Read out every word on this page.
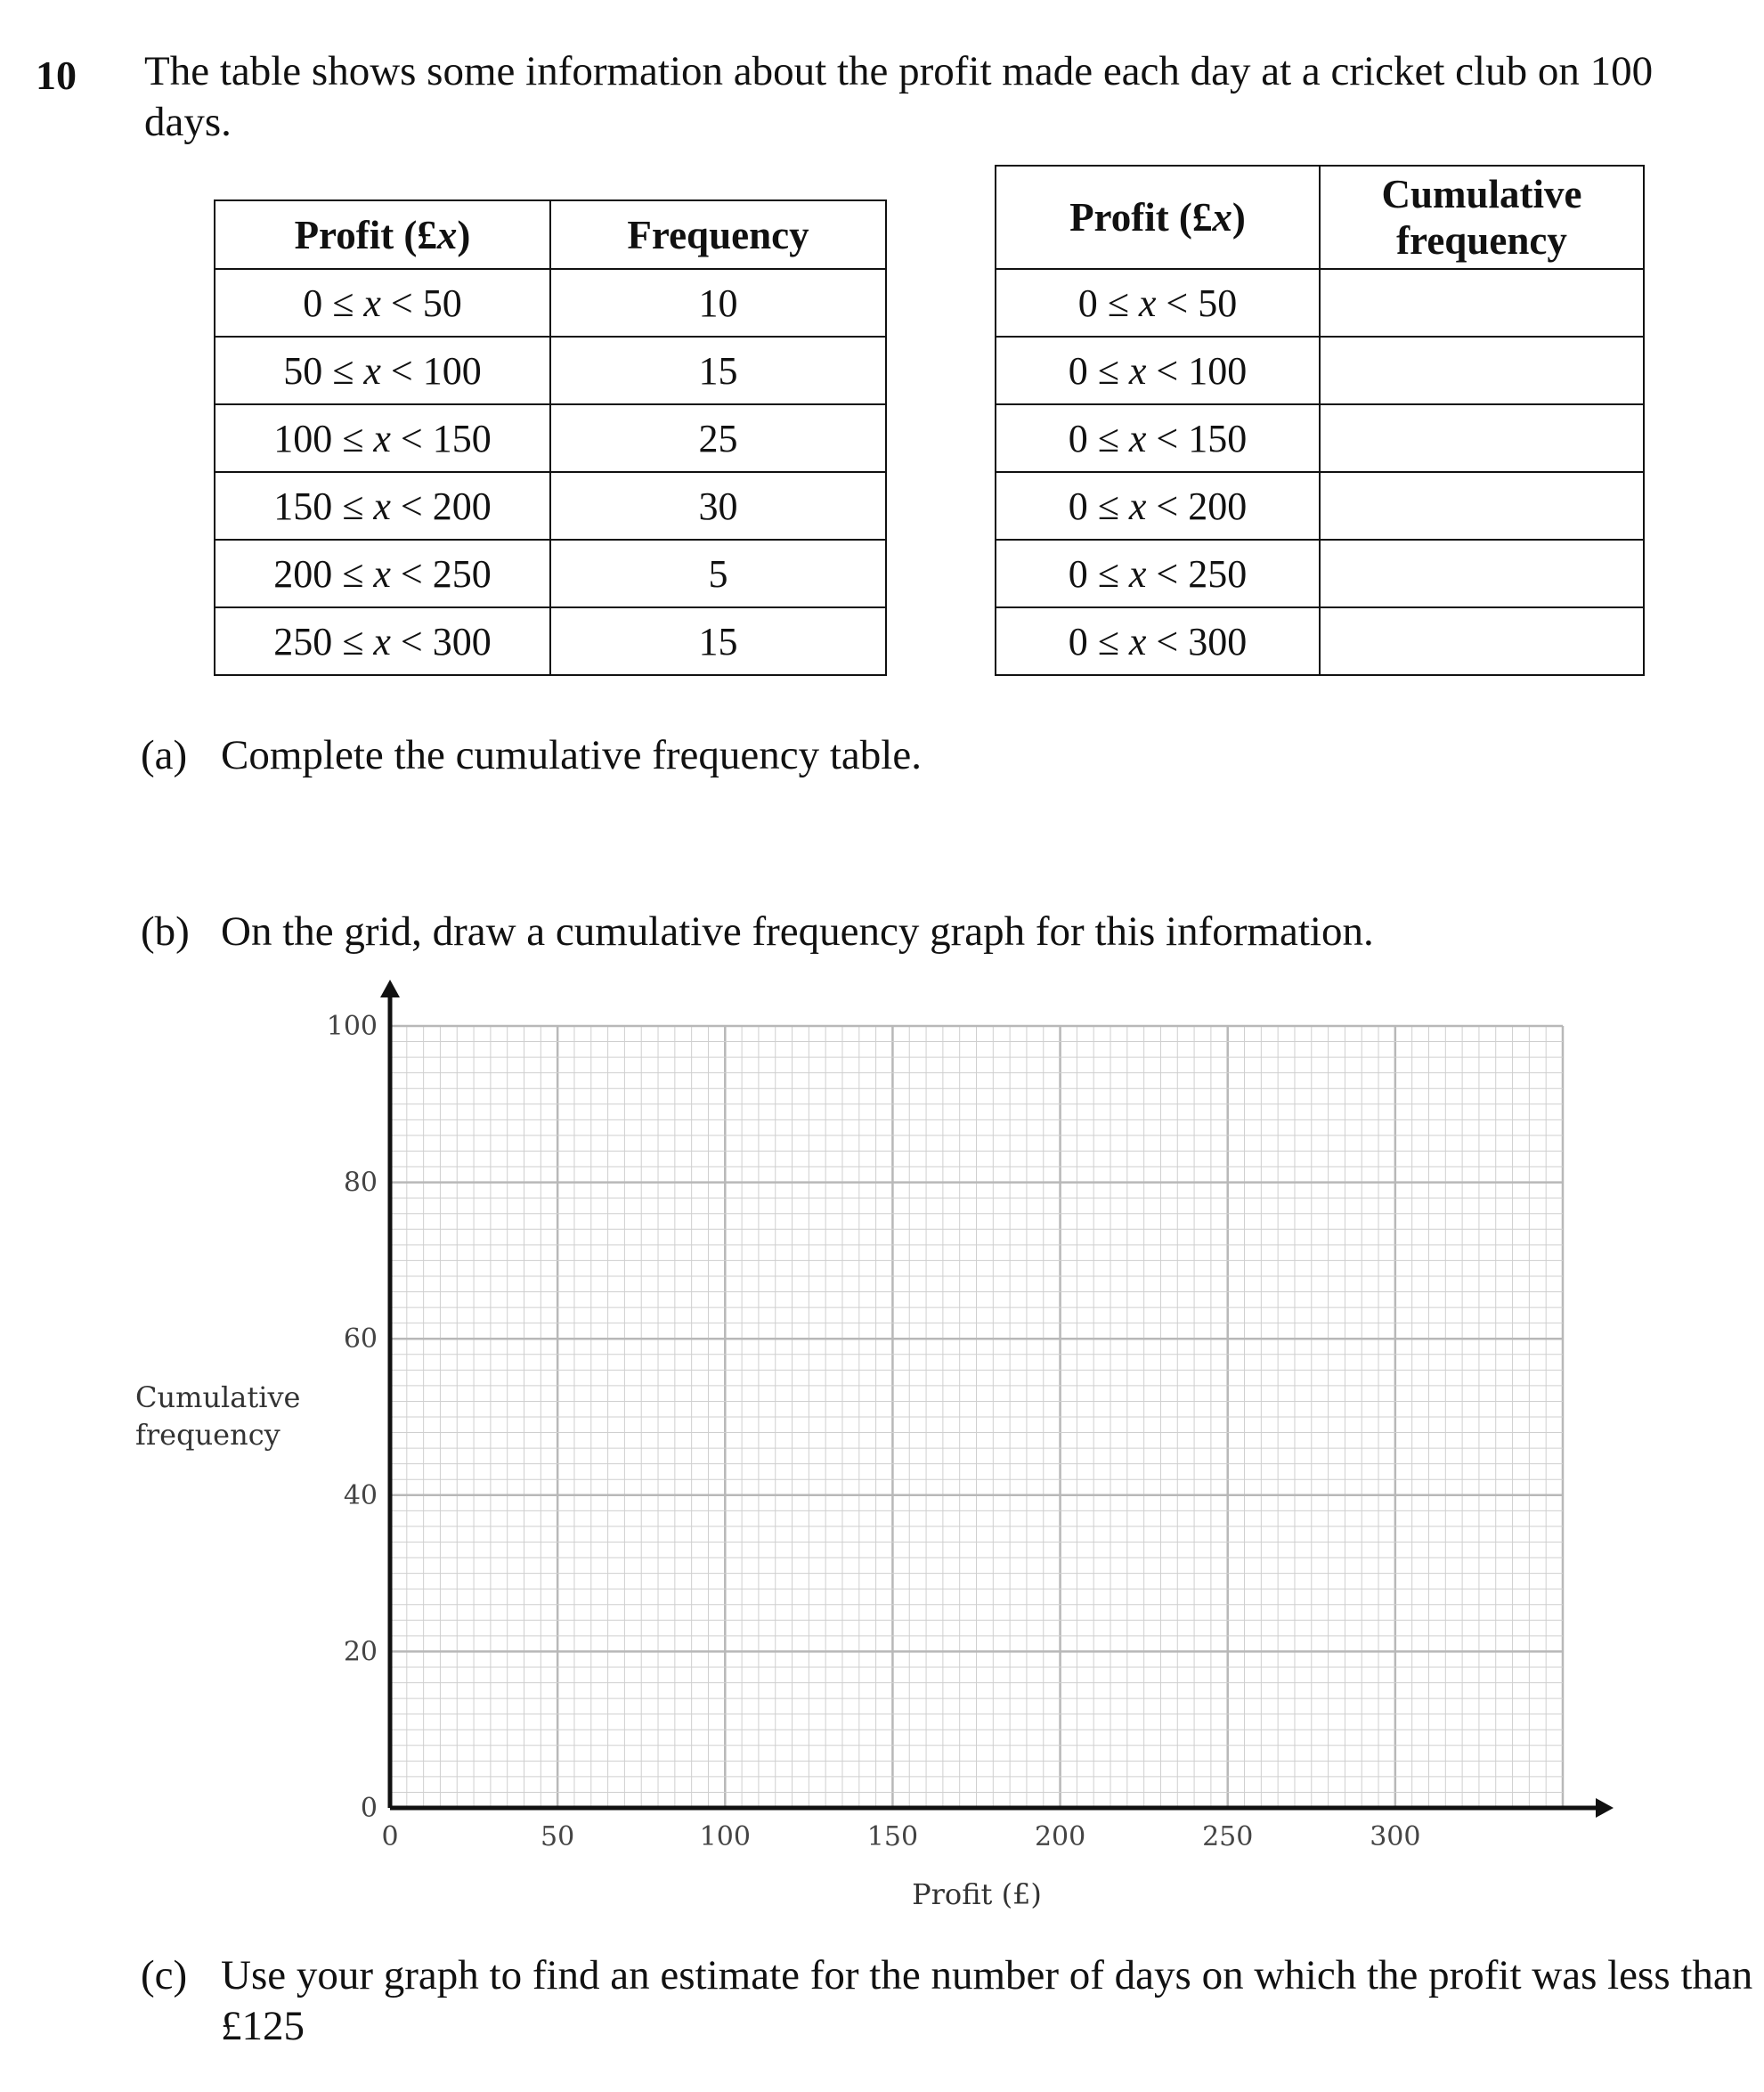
10 The table shows some information about the profit made each day at a cricket club on 100 days.
Profit (£x)	Frequency
0 ≤ x < 50	10
50 ≤ x < 100	15
100 ≤ x < 150	25
150 ≤ x < 200	30
200 ≤ x < 250	5
250 ≤ x < 300	15
Profit (£x)	Cumulative frequency
0 ≤ x < 50	
0 ≤ x < 100	
0 ≤ x < 150	
0 ≤ x < 200	
0 ≤ x < 250	
0 ≤ x < 300	
(a) Complete the cumulative frequency table.
(b) On the grid, draw a cumulative frequency graph for this information.
0	50	100	150	200	250	300
0
20
40
60
80
100
Profit (£)
Cumulative frequency
(c) Use your graph to find an estimate for the number of days on which the profit was less than £125
